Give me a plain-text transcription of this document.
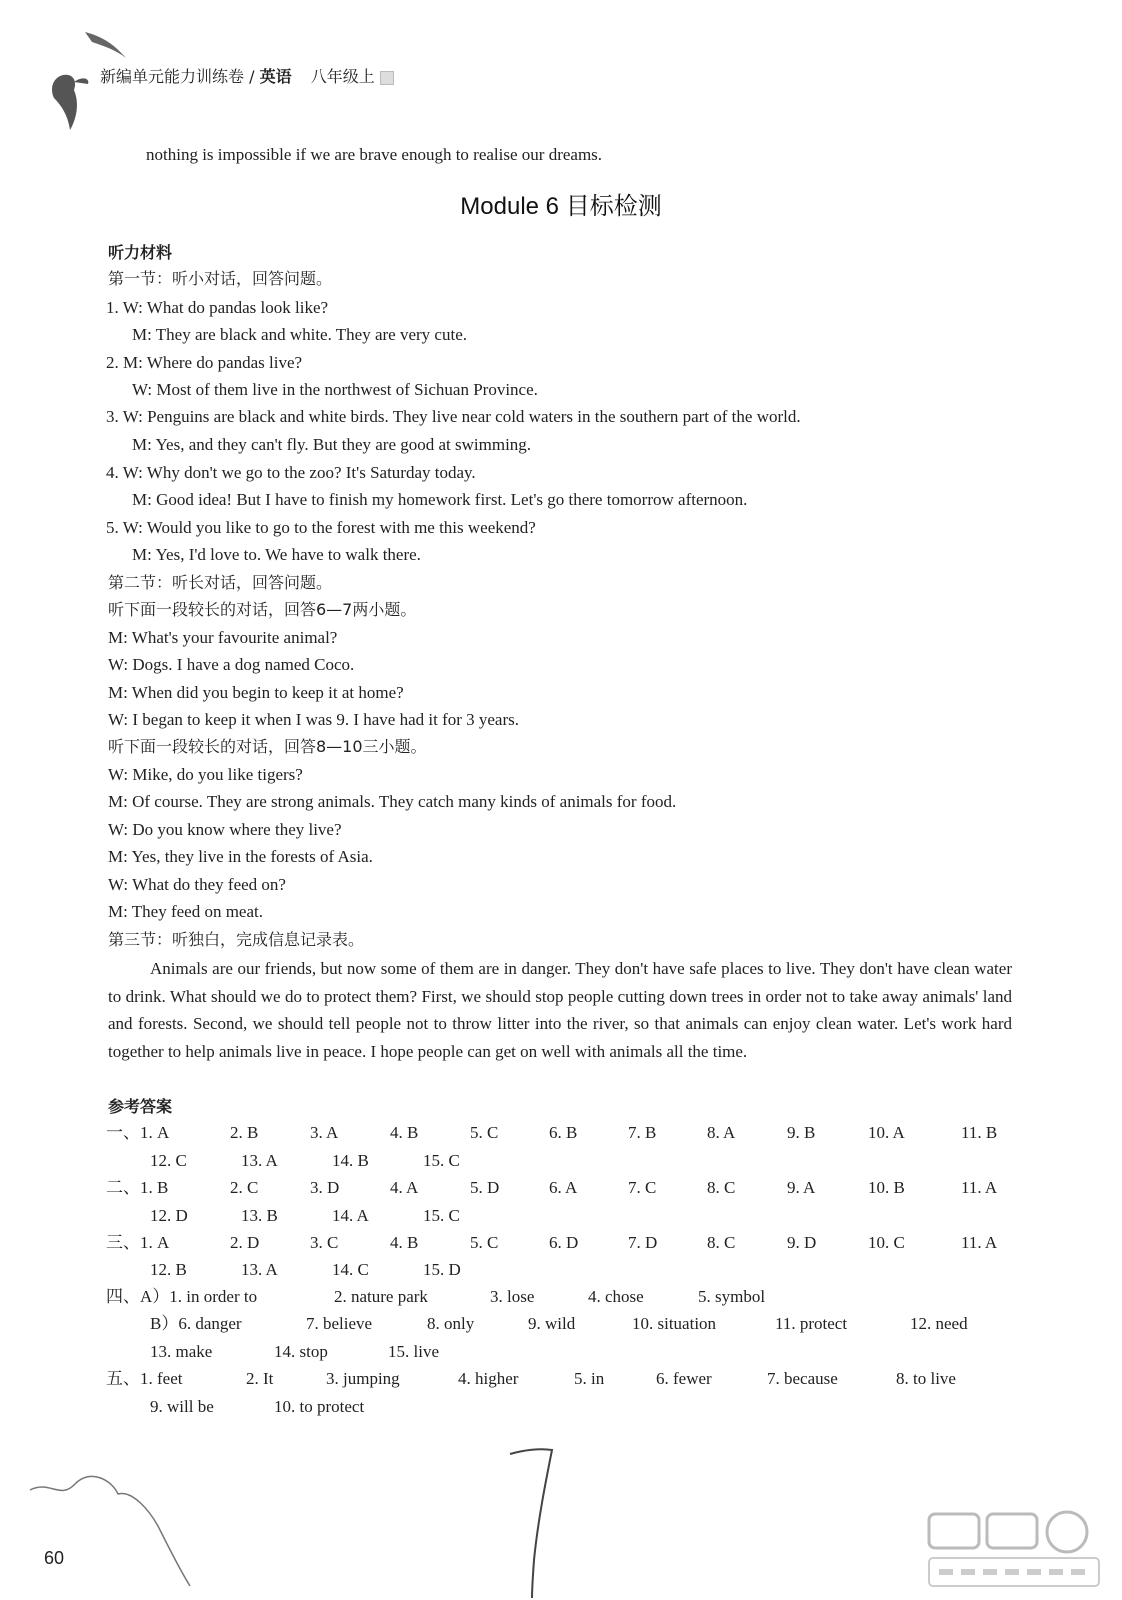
新编单元能力训练卷 / 英语 八年级上
nothing is impossible if we are brave enough to realise our dreams.
Module 6 目标检测
听力材料
第一节：听小对话，回答问题。
1. W: What do pandas look like?
M: They are black and white. They are very cute.
2. M: Where do pandas live?
W: Most of them live in the northwest of Sichuan Province.
3. W: Penguins are black and white birds. They live near cold waters in the southern part of the world.
M: Yes, and they can't fly. But they are good at swimming.
4. W: Why don't we go to the zoo? It's Saturday today.
M: Good idea! But I have to finish my homework first. Let's go there tomorrow afternoon.
5. W: Would you like to go to the forest with me this weekend?
M: Yes, I'd love to. We have to walk there.
第二节：听长对话，回答问题。
听下面一段较长的对话，回答6—7两小题。
M: What's your favourite animal?
W: Dogs. I have a dog named Coco.
M: When did you begin to keep it at home?
W: I began to keep it when I was 9. I have had it for 3 years.
听下面一段较长的对话，回答8—10三小题。
W: Mike, do you like tigers?
M: Of course. They are strong animals. They catch many kinds of animals for food.
W: Do you know where they live?
M: Yes, they live in the forests of Asia.
W: What do they feed on?
M: They feed on meat.
第三节：听独白，完成信息记录表。
Animals are our friends, but now some of them are in danger. They don't have safe places to live. They don't have clean water to drink. What should we do to protect them? First, we should stop people cutting down trees in order not to take away animals' land and forests. Second, we should tell people not to throw litter into the river, so that animals can enjoy clean water. Let's work hard together to help animals live in peace. I hope people can get on well with animals all the time.
参考答案
一、1. A	2. B	3. A	4. B	5. C	6. B	7. B	8. A	9. B	10. A	11. B
12. C	13. A	14. B	15. C
二、1. B	2. C	3. D	4. A	5. D	6. A	7. C	8. C	9. A	10. B	11. A
12. D	13. B	14. A	15. C
三、1. A	2. D	3. C	4. B	5. C	6. D	7. D	8. C	9. D	10. C	11. A
12. B	13. A	14. C	15. D
四、A）1. in order to	2. nature park	3. lose	4. chose	5. symbol
B）6. danger	7. believe	8. only	9. wild	10. situation	11. protect	12. need
13. make	14. stop	15. live
五、1. feet	2. It	3. jumping	4. higher	5. in	6. fewer	7. because	8. to live
9. will be	10. to protect
60
